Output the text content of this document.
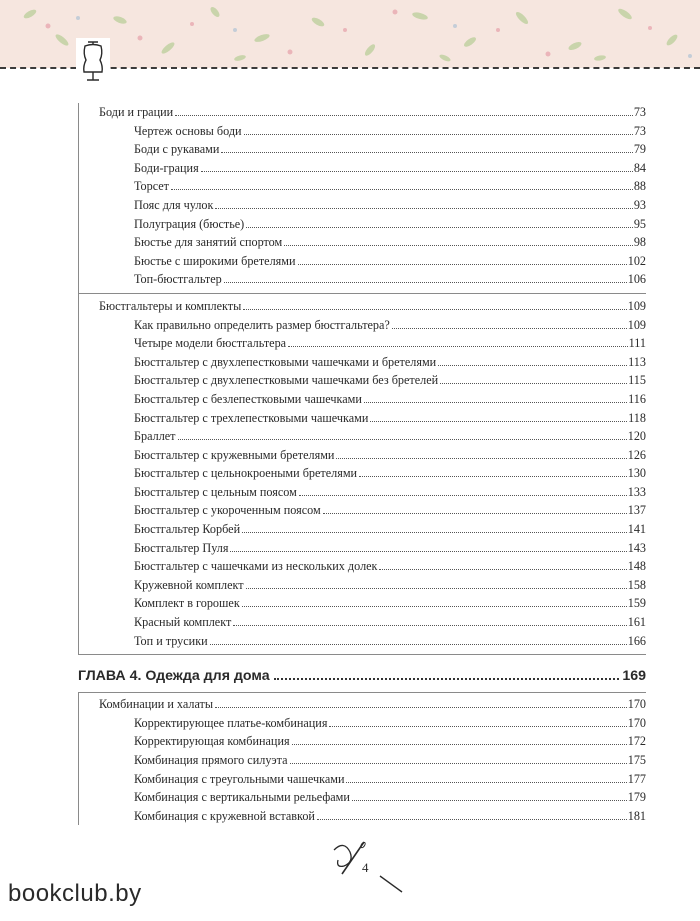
Боди и грации	73
Чертеж основы боди	73
Боди с рукавами	79
Боди-грация	84
Торсет	88
Пояс для чулок	93
Полуграция (бюстье)	95
Бюстье для занятий спортом	98
Бюстье с широкими бретелями	102
Топ-бюстгальтер	106
Бюстгальтеры и комплекты	109
Как правильно определить размер бюстгальтера?	109
Четыре модели бюстгальтера	111
Бюстгальтер с двухлепестковыми чашечками и бретелями	113
Бюстгальтер с двухлепестковыми чашечками без бретелей	115
Бюстгальтер с безлепестковыми чашечками	116
Бюстгальтер с трехлепестковыми чашечками	118
Браллет	120
Бюстгальтер с кружевными бретелями	126
Бюстгальтер с цельнокроеными бретелями	130
Бюстгальтер с цельным поясом	133
Бюстгальтер с укороченным поясом	137
Бюстгальтер Корбей	141
Бюстгальтер Пуля	143
Бюстгальтер с чашечками из нескольких долек	148
Кружевной комплект	158
Комплект в горошек	159
Красный комплект	161
Топ и трусики	166
ГЛАВА 4. Одежда для дома	169
Комбинации и халаты	170
Корректирующее платье-комбинация	170
Корректирующая комбинация	172
Комбинация прямого силуэта	175
Комбинация с треугольными чашечками	177
Комбинация с вертикальными рельефами	179
Комбинация с кружевной вставкой	181
4
bookclub.by
